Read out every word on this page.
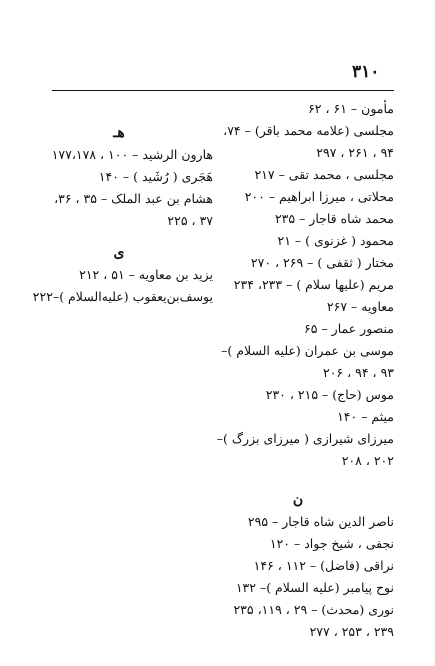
۳۱۰
مأمون – ۶۱ ، ۶۲
مجلسی (علامه محمد باقر) – ۷۴،
۹۴ ، ۲۶۱ ، ۲۹۷
مجلسی ، محمد تقی – ۲۱۷
محلاتی ، میرزا ابراهیم – ۲۰۰
محمد شاه قاجار – ۲۳۵
محمود ( غزنوی ) – ۲۱
مختار ( ثقفی ) – ۲۶۹ ، ۲۷۰
مریم (علیها سلام ) – ۲۳۳، ۲۳۴
معاویه – ۲۶۷
منصور عمار – ۶۵
موسی بن عمران (علیه السلام )–
۹۳ ، ۹۴ ، ۲۰۶
موس (حاج) – ۲۱۵ ، ۲۳۰
میثم – ۱۴۰
میرزای شیرازی ( میرزای بزرگ )–
۲۰۲ ، ۲۰۸
هـ
هارون الرشید – ۱۰۰ ، ۱۷۷،۱۷۸
هَجَری ( رُشَید ) – ۱۴۰
هشام بن عبد الملک – ۳۵ ، ۳۶،
۳۷ ، ۲۲۵
ی
یزید بن معاویه – ۵۱ ، ۲۱۲
یوسف‌بن‌یعقوب (علیه‌السلام )–۲۲۲
ن
ناصر الدین شاه قاجار – ۲۹۵
نجفی ، شیخ جواد – ۱۲۰
نراقی (فاضل) – ۱۱۲ ، ۱۴۶
نوح پیامبر (علیه السلام )– ۱۳۲
نوری (محدث) – ۲۹ ، ۱۱۹، ۲۳۵
۲۳۹ ، ۲۵۳ ، ۲۷۷
